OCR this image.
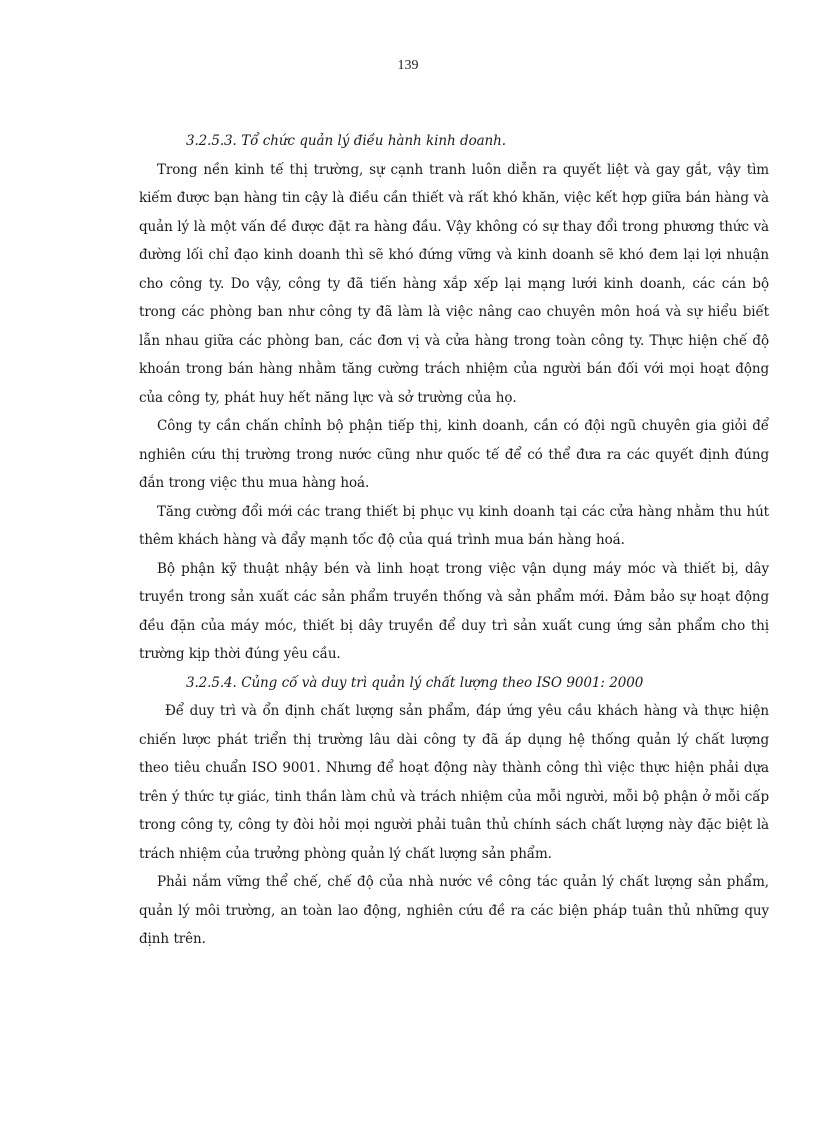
139
3.2.5.3. Tổ chức quản lý điều hành kinh doanh.

Trong nền kinh tế thị trường, sự cạnh tranh luôn diễn ra quyết liệt và gay gắt, vậy tìm kiếm được bạn hàng tin cậy là điều cần thiết và rất khó khăn, việc kết hợp giữa bán hàng và quản lý là một vấn đề được đặt ra hàng đầu. Vậy không có sự thay đổi trong phương thức và đường lối chỉ đạo kinh doanh thì sẽ khó đứng vững và kinh doanh sẽ khó đem lại lợi nhuận cho công ty. Do vậy, công ty đã tiến hàng xắp xếp lại mạng lưới kinh doanh, các cán bộ trong các phòng ban như công ty đã làm là việc nâng cao chuyên môn hoá và sự hiểu biết lẫn nhau giữa các phòng ban, các đơn vị và cửa hàng trong toàn công ty. Thực hiện chế độ khoán trong bán hàng nhằm tăng cường trách nhiệm của người bán đối với mọi hoạt động của công ty, phát huy hết năng lực và sở trường của họ.

Công ty cần chấn chỉnh bộ phận tiếp thị, kinh doanh, cần có đội ngũ chuyên gia giỏi để nghiên cứu thị trường trong nước cũng như quốc tế để có thể đưa ra các quyết định đúng đắn trong việc thu mua hàng hoá.

Tăng cường đổi mới các trang thiết bị phục vụ kinh doanh tại các cửa hàng nhằm thu hút thêm khách hàng và đẩy mạnh tốc độ của quá trình mua bán hàng hoá.

Bộ phận kỹ thuật nhậy bén và linh hoạt trong việc vận dụng máy móc và thiết bị, dây truyền trong sản xuất các sản phẩm truyền thống và sản phẩm mới. Đảm bảo sự hoạt động đều đặn của máy móc, thiết bị dây truyền để duy trì sản xuất cung ứng sản phẩm cho thị trường kịp thời đúng yêu cầu.

3.2.5.4. Củng cố và duy trì quản lý chất lượng theo ISO 9001: 2000

Để duy trì và ổn định chất lượng sản phẩm, đáp ứng yêu cầu khách hàng và thực hiện chiến lược phát triển thị trường lâu dài công ty đã áp dụng hệ thống quản lý chất lượng theo tiêu chuẩn ISO 9001. Nhưng để hoạt động này thành công thì việc thực hiện phải dựa trên ý thức tự giác, tinh thần làm chủ và trách nhiệm của mỗi người, mỗi bộ phận ở mỗi cấp trong công ty, công ty đòi hỏi mọi người phải tuân thủ chính sách chất lượng này đặc biệt là trách nhiệm của trưởng phòng quản lý chất lượng sản phẩm.

Phải nắm vững thể chế, chế độ của nhà nước về công tác quản lý chất lượng sản phẩm, quản lý môi trường, an toàn lao động, nghiên cứu đề ra các biện pháp tuân thủ những quy định trên.
